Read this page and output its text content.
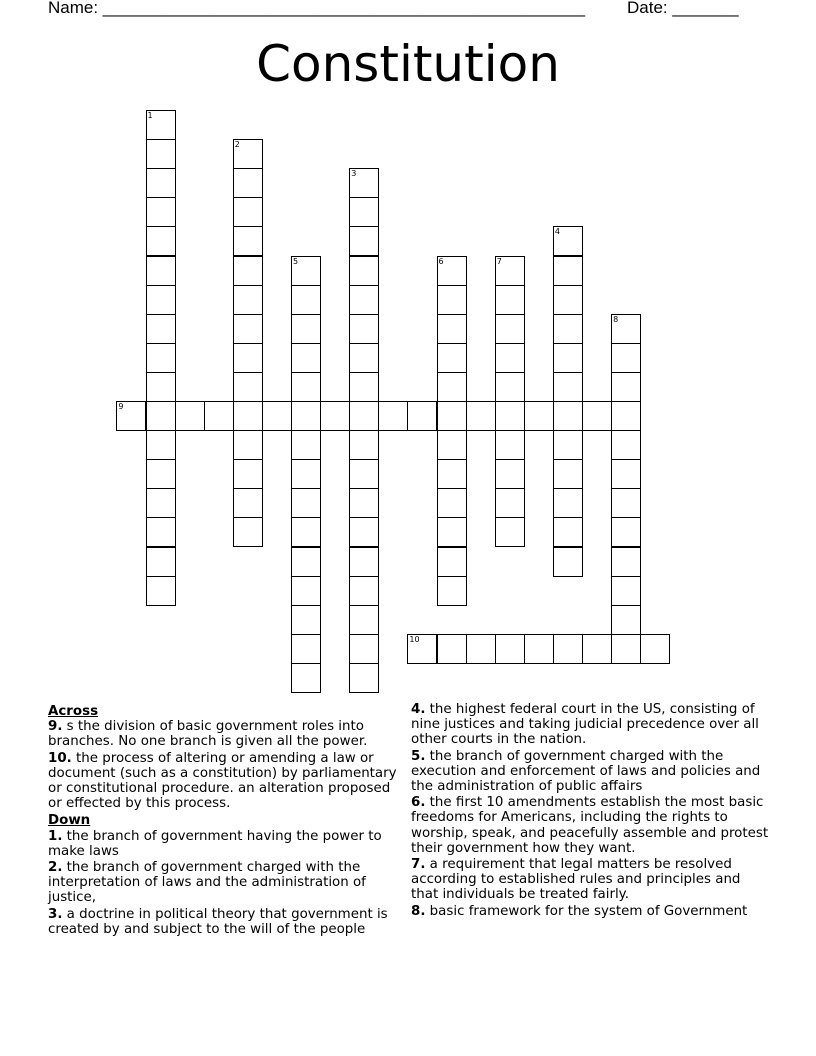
Name: ___________________________________________________ Date: _______
Constitution
1
2
3
4
5	6	7
8
9
10
Across
9. s the division of basic government roles into branches. No one branch is given all the power.
10. the process of altering or amending a law or document (such as a constitution) by parliamentary or constitutional procedure. an alteration proposed or effected by this process.
Down
1. the branch of government having the power to make laws
2. the branch of government charged with the interpretation of laws and the administration of justice,
3. a doctrine in political theory that government is created by and subject to the will of the people
4. the highest federal court in the US, consisting of nine justices and taking judicial precedence over all other courts in the nation.
5. the branch of government charged with the execution and enforcement of laws and policies and the administration of public affairs
6. the first 10 amendments establish the most basic freedoms for Americans, including the rights to worship, speak, and peacefully assemble and protest their government how they want.
7. a requirement that legal matters be resolved according to established rules and principles and that individuals be treated fairly.
8. basic framework for the system of Government
